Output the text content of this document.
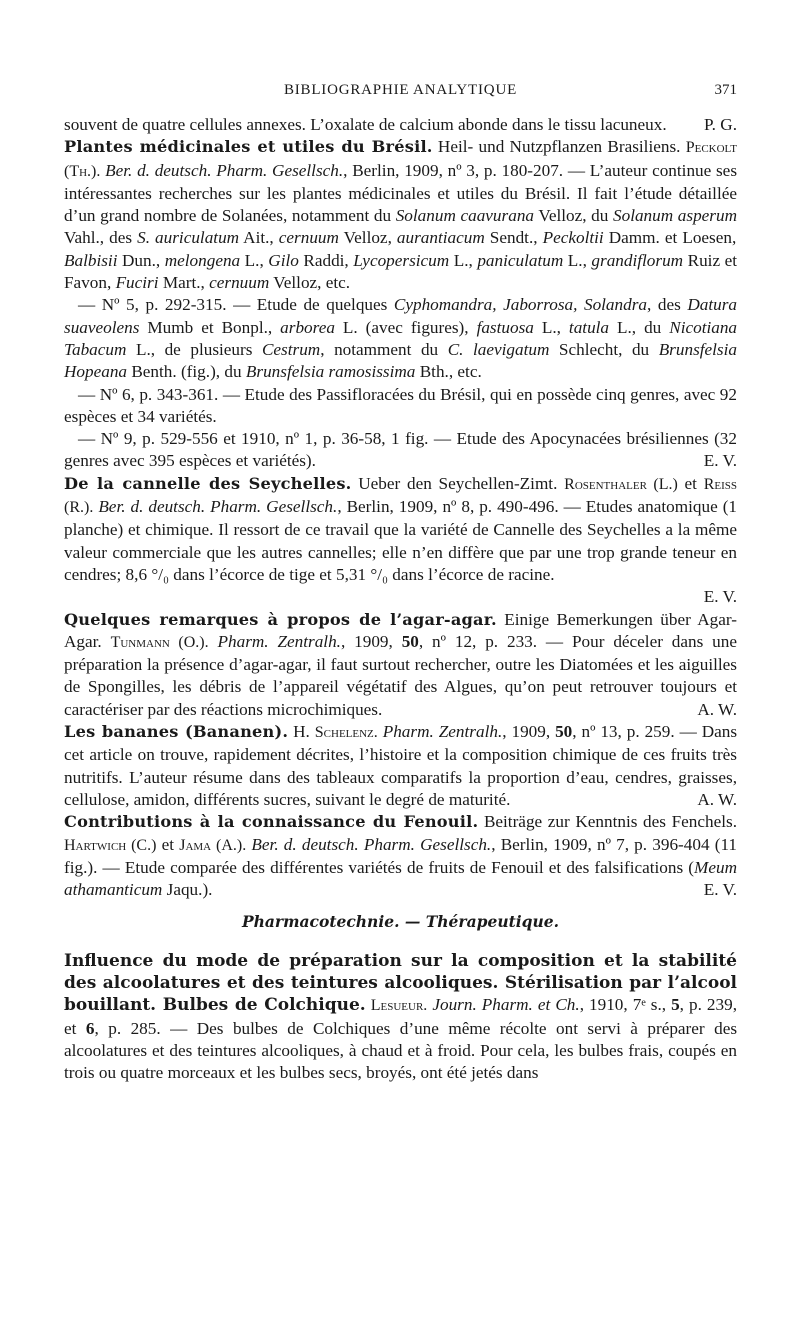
BIBLIOGRAPHIE ANALYTIQUE	371

souvent de quatre cellules annexes. L’oxalate de calcium abonde dans le tissu lacuneux. P. G.

Plantes médicinales et utiles du Brésil. Heil- und Nutzpflanzen Brasiliens. Peckolt (Th.). Ber. d. deutsch. Pharm. Gesellsch., Berlin, 1909, nº 3, p. 180-207. — L’auteur continue ses intéressantes recherches sur les plantes médicinales et utiles du Brésil. Il fait l’étude détaillée d’un grand nombre de Solanées, notamment du Solanum caavurana Velloz, du Solanum asperum Vahl., des S. auriculatum Ait., cernuum Velloz, aurantiacum Sendt., Peckoltii Damm. et Loesen, Balbisii Dun., melongena L., Gilo Raddi, Lycopersicum L., paniculatum L., grandiflorum Ruiz et Favon, Fuciri Mart., cernuum Velloz, etc.

— Nº 5, p. 292-315. — Etude de quelques Cyphomandra, Jaborrosa, Solandra, des Datura suaveolens Mumb et Bonpl., arborea L. (avec figures), fastuosa L., tatula L., du Nicotiana Tabacum L., de plusieurs Cestrum, notamment du C. laevigatum Schlecht, du Brunsfelsia Hopeana Benth. (fig.), du Brunsfelsia ramosissima Bth., etc.

— Nº 6, p. 343-361. — Etude des Passifloracées du Brésil, qui en possède cinq genres, avec 92 espèces et 34 variétés.

— Nº 9, p. 529-556 et 1910, nº 1, p. 36-58, 1 fig. — Etude des Apocynacées brésiliennes (32 genres avec 395 espèces et variétés).	E. V.

De la cannelle des Seychelles. Ueber den Seychellen-Zimt. Rosenthaler (L.) et Reiss (R.). Ber. d. deutsch. Pharm. Gesellsch., Berlin, 1909, nº 8, p. 490-496. — Etudes anatomique (1 planche) et chimique. Il ressort de ce travail que la variété de Cannelle des Seychelles a la même valeur commerciale que les autres cannelles; elle n’en diffère que par une trop grande teneur en cendres; 8,6 °/₀ dans l’écorce de tige et 5,31 °/₀ dans l’écorce de racine.
E. V.

Quelques remarques à propos de l’agar-agar. Einige Bemerkungen über Agar-Agar. Tunmann (O.). Pharm. Zentralh., 1909, 50, nº 12, p. 233. — Pour déceler dans une préparation la présence d’agar-agar, il faut surtout rechercher, outre les Diatomées et les aiguilles de Spongilles, les débris de l’appareil végétatif des Algues, qu’on peut retrouver toujours et caractériser par des réactions microchimiques.	A. W.

Les bananes (Bananen). H. Schelenz. Pharm. Zentralh., 1909, 50, nº 13, p. 259. — Dans cet article on trouve, rapidement décrites, l’histoire et la composition chimique de ces fruits très nutritifs. L’auteur résume dans des tableaux comparatifs la proportion d’eau, cendres, graisses, cellulose, amidon, différents sucres, suivant le degré de maturité.	A. W.

Contributions à la connaissance du Fenouil. Beiträge zur Kenntnis des Fenchels. Hartwich (C.) et Jama (A.). Ber. d. deutsch. Pharm. Gesellsch., Berlin, 1909, nº 7, p. 396-404 (11 fig.). — Etude comparée des différentes variétés de fruits de Fenouil et des falsifications (Meum athamanticum Jaqu.).	E. V.

Pharmacotechnie. — Thérapeutique.

Influence du mode de préparation sur la composition et la stabilité des alcoolatures et des teintures alcooliques. Stérilisation par l’alcool bouillant. Bulbes de Colchique. Lesueur. Journ. Pharm. et Ch., 1910, 7ᵉ s., 5, p. 239, et 6, p. 285. — Des bulbes de Colchiques d’une même récolte ont servi à préparer des alcoolatures et des teintures alcooliques, à chaud et à froid. Pour cela, les bulbes frais, coupés en trois ou quatre morceaux et les bulbes secs, broyés, ont été jetés dans
